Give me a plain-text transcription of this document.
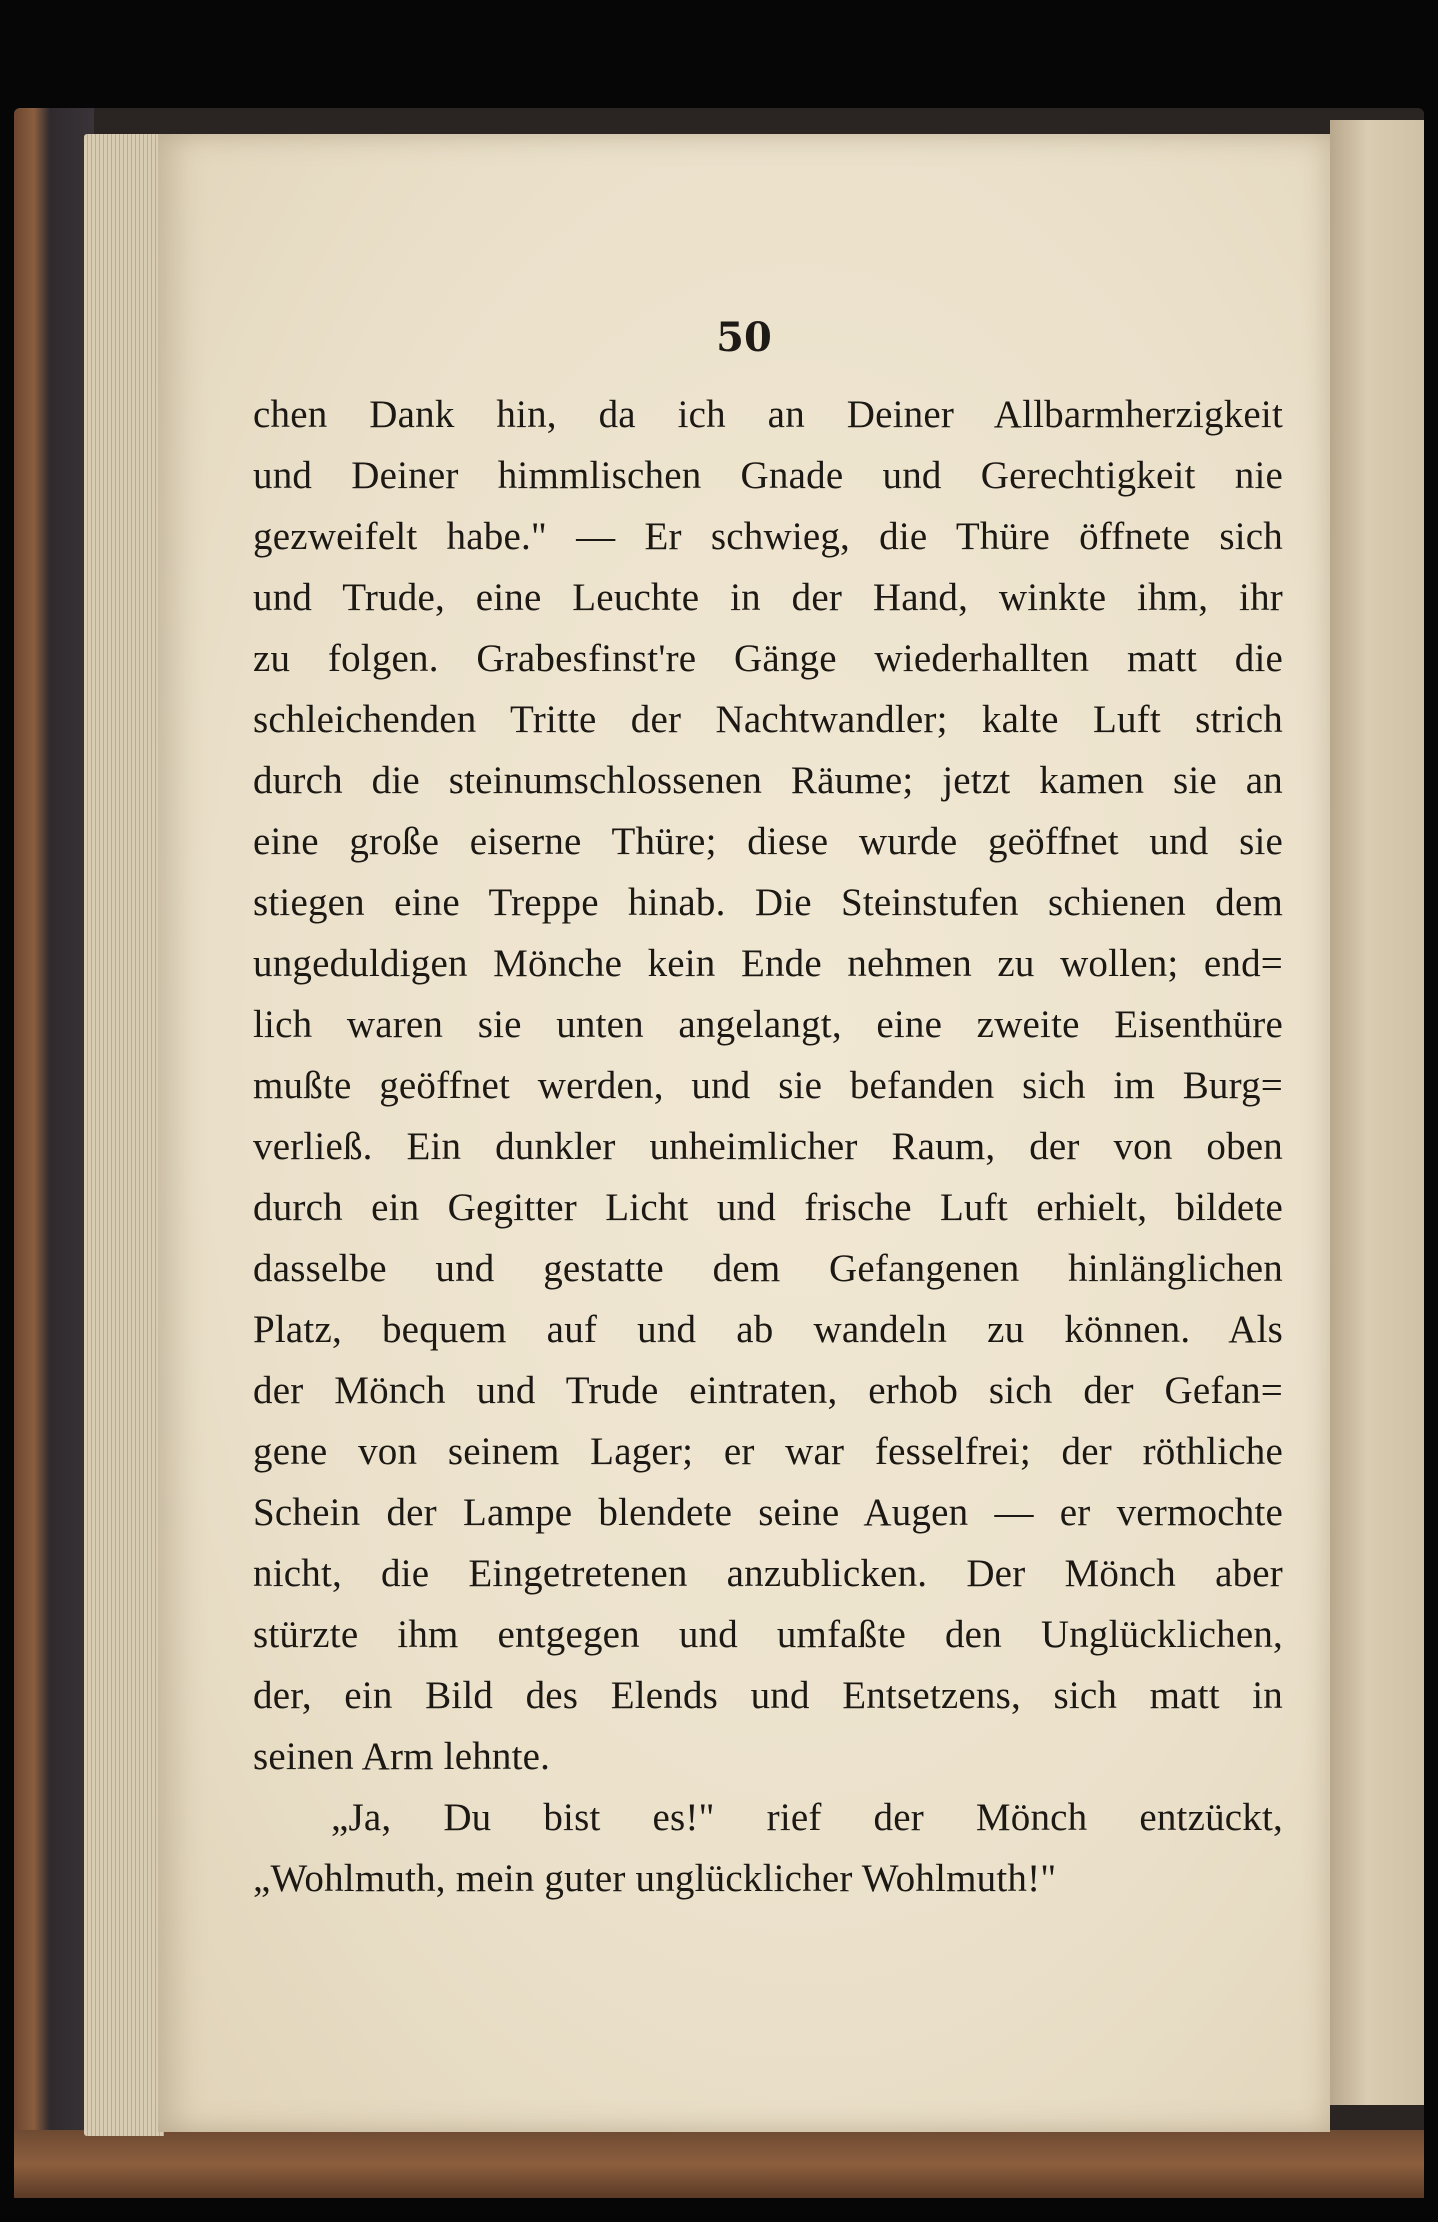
50

chen Dank hin, da ich an Deiner Allbarmherzigkeit
und Deiner himmlischen Gnade und Gerechtigkeit nie
gezweifelt habe." — Er schwieg, die Thüre öffnete sich
und Trude, eine Leuchte in der Hand, winkte ihm, ihr
zu folgen. Grabesfinst're Gänge wiederhallten matt die
schleichenden Tritte der Nachtwandler; kalte Luft strich
durch die steinumschlossenen Räume; jetzt kamen sie an
eine große eiserne Thüre; diese wurde geöffnet und sie
stiegen eine Treppe hinab. Die Steinstufen schienen dem
ungeduldigen Mönche kein Ende nehmen zu wollen; end=
lich waren sie unten angelangt, eine zweite Eisenthüre
mußte geöffnet werden, und sie befanden sich im Burg=
verließ. Ein dunkler unheimlicher Raum, der von oben
durch ein Gegitter Licht und frische Luft erhielt, bildete
dasselbe und gestatte dem Gefangenen hinlänglichen
Platz, bequem auf und ab wandeln zu können. Als
der Mönch und Trude eintraten, erhob sich der Gefan=
gene von seinem Lager; er war fesselfrei; der röthliche
Schein der Lampe blendete seine Augen — er vermochte
nicht, die Eingetretenen anzublicken. Der Mönch aber
stürzte ihm entgegen und umfaßte den Unglücklichen,
der, ein Bild des Elends und Entsetzens, sich matt in
seinen Arm lehnte.
„Ja, Du bist es!" rief der Mönch entzückt,
„Wohlmuth, mein guter unglücklicher Wohlmuth!"
